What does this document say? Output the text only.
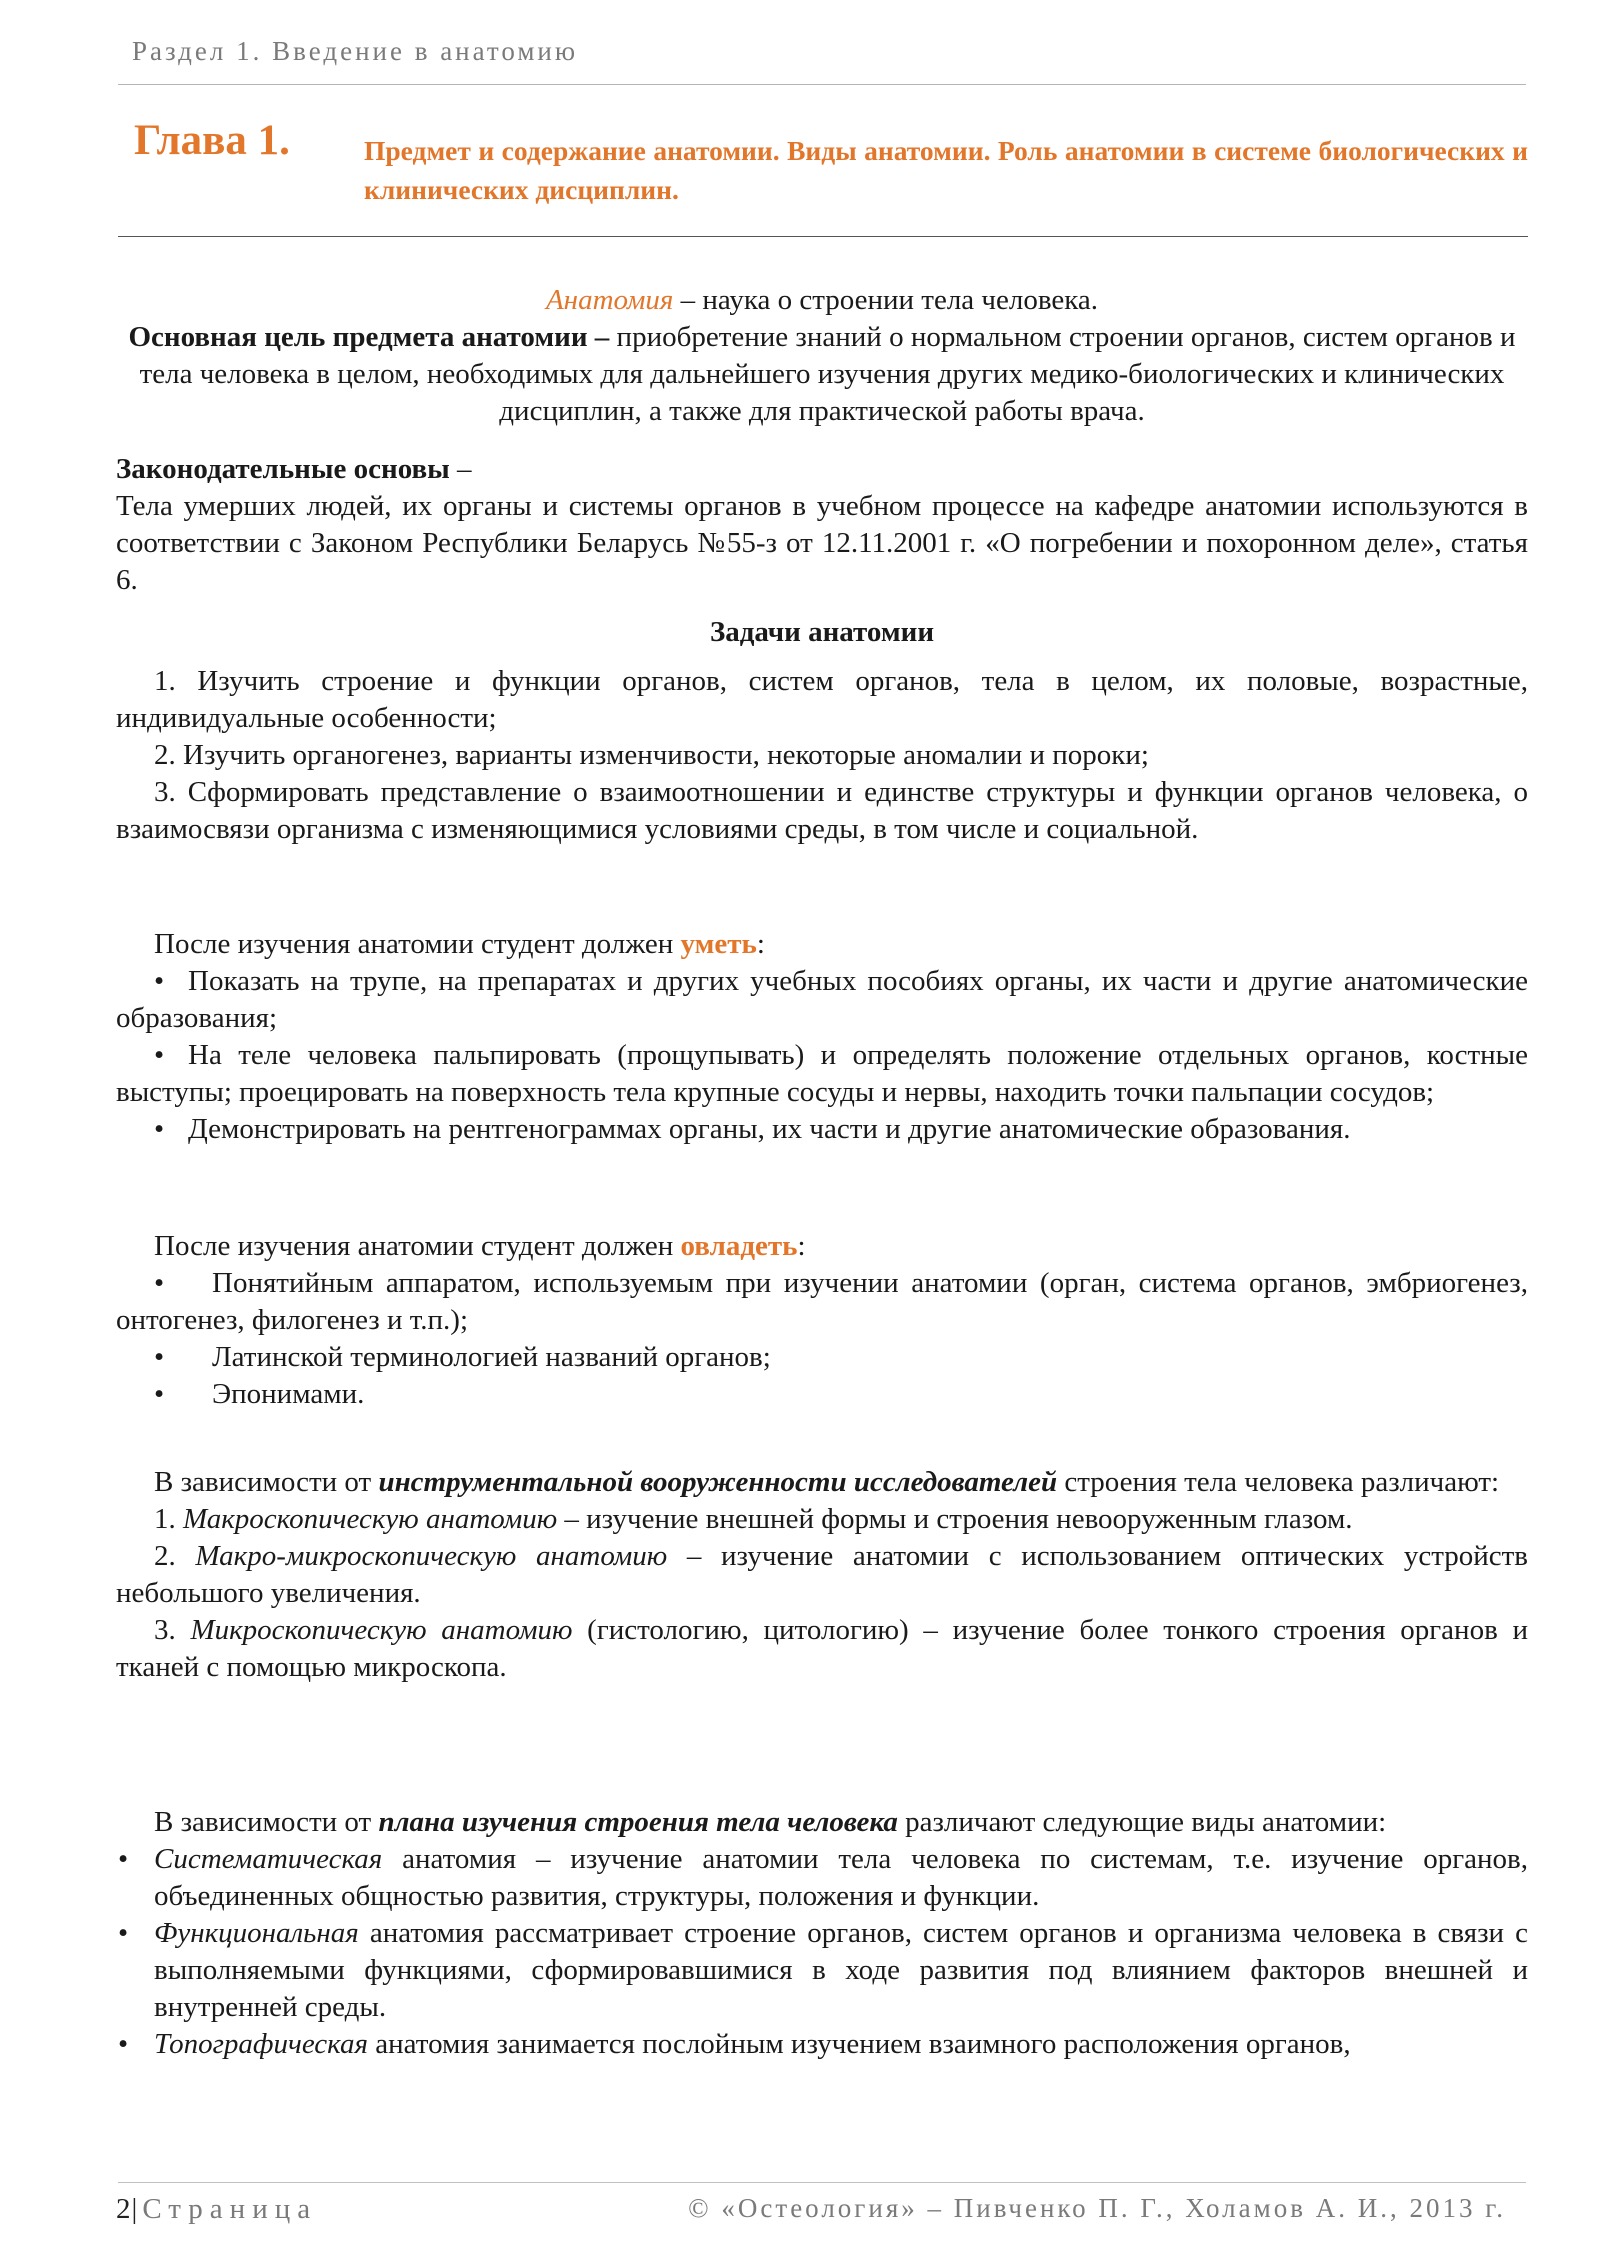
Раздел 1. Введение в анатомию
Глава 1.	Предмет и содержание анатомии. Виды анатомии. Роль анатомии в системе биологических и клинических дисциплин.

Анатомия – наука о строении тела человека.

Основная цель предмета анатомии – приобретение знаний о нормальном строении органов, систем органов и тела человека в целом, необходимых для дальнейшего изучения других медико-биологических и клинических дисциплин, а также для практической работы врача.

Законодательные основы –

Тела умерших людей, их органы и системы органов в учебном процессе на кафедре анатомии используются в соответствии с Законом Республики Беларусь №55-з от 12.11.2001 г. «О погребении и похоронном деле», статья 6.

Задачи анатомии

1. Изучить строение и функции органов, систем органов, тела в целом, их половые, возрастные, индивидуальные особенности;

2. Изучить органогенез, варианты изменчивости, некоторые аномалии и пороки;

3. Сформировать представление о взаимоотношении и единстве структуры и функции органов человека, о взаимосвязи организма с изменяющимися условиями среды, в том числе и социальной.

После изучения анатомии студент должен уметь:

•Показать на трупе, на препаратах и других учебных пособиях органы, их части и другие анатомические образования;

•На теле человека пальпировать (прощупывать) и определять положение отдельных органов, костные выступы; проецировать на поверхность тела крупные сосуды и нервы, находить точки пальпации сосудов;

•Демонстрировать на рентгенограммах органы, их части и другие анатомические образования.

После изучения анатомии студент должен овладеть:

•Понятийным аппаратом, используемым при изучении анатомии (орган, система органов, эмбриогенез, онтогенез, филогенез и т.п.);

•Латинской терминологией названий органов;

•Эпонимами.

В зависимости от инструментальной вооруженности исследователей строения тела человека различают:

1. Макроскопическую анатомию – изучение внешней формы и строения невооруженным глазом.

2. Макро-микроскопическую анатомию – изучение анатомии с использованием оптических устройств небольшого увеличения.

3. Микроскопическую анатомию (гистологию, цитологию) – изучение более тонкого строения органов и тканей с помощью микроскопа.

В зависимости от плана изучения строения тела человека различают следующие виды анатомии:

•
Систематическая анатомия – изучение анатомии тела человека по системам, т.е. изучение органов, объединенных общностью развития, структуры, положения и функции.

•
Функциональная анатомия рассматривает строение органов, систем органов и организма человека в связи с выполняемыми функциями, сформировавшимися в ходе развития под влиянием факторов внешней и внутренней среды.

•
Топографическая анатомия занимается послойным изучением взаимного расположения органов,

2|Страница	© «Остеология» – Пивченко П. Г., Холамов А. И., 2013 г.
